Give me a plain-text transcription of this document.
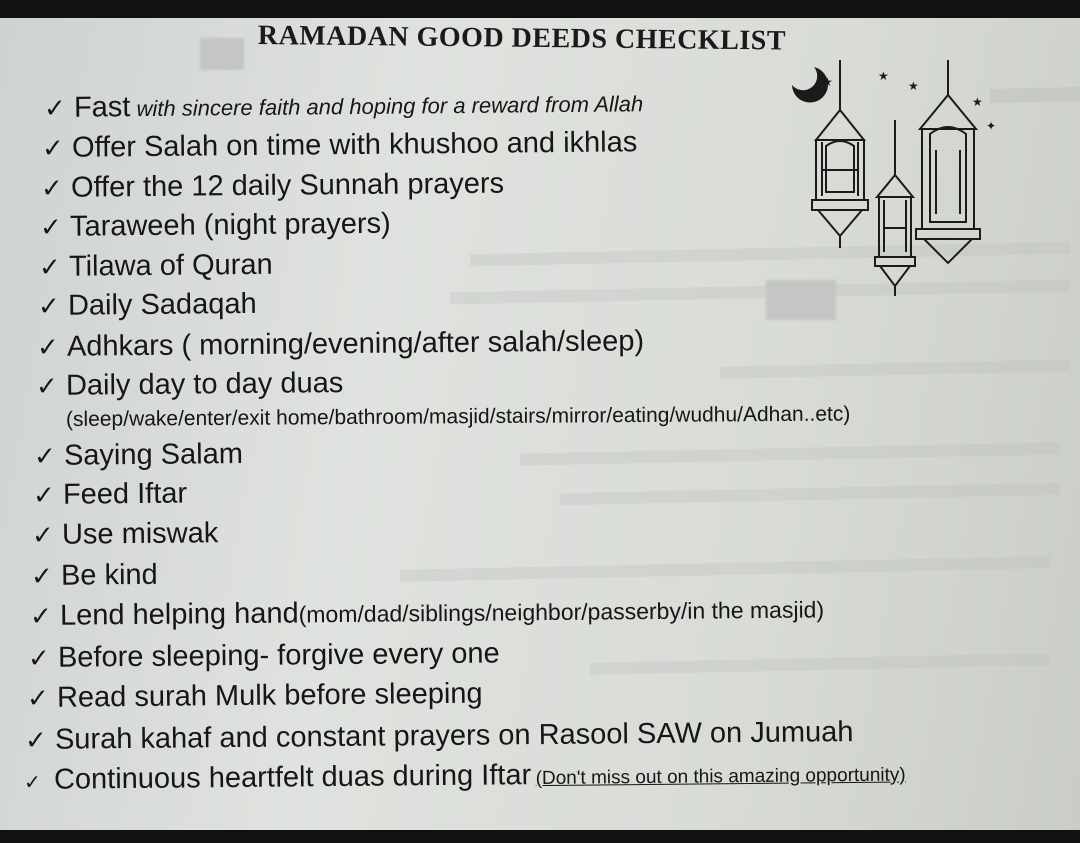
RAMADAN GOOD DEEDS CHECKLIST
★	★
★
★
✦
✓ Fast with sincere faith and hoping for a reward from Allah
✓ Offer Salah on time with khushoo and ikhlas
✓ Offer the 12 daily Sunnah prayers
✓ Taraweeh (night prayers)
✓ Tilawa of Quran
✓ Daily Sadaqah
✓ Adhkars ( morning/evening/after salah/sleep)
✓ Daily day to day duas
(sleep/wake/enter/exit home/bathroom/masjid/stairs/mirror/eating/wudhu/Adhan..etc)
✓ Saying Salam
✓ Feed Iftar
✓ Use miswak
✓ Be kind
✓ Lend helping hand(mom/dad/siblings/neighbor/passerby/in the masjid)
✓ Before sleeping- forgive every one
✓ Read surah Mulk before sleeping
✓ Surah kahaf and constant prayers on Rasool SAW on Jumuah
✓ Continuous heartfelt duas during Iftar (Don't miss out on this amazing opportunity)
